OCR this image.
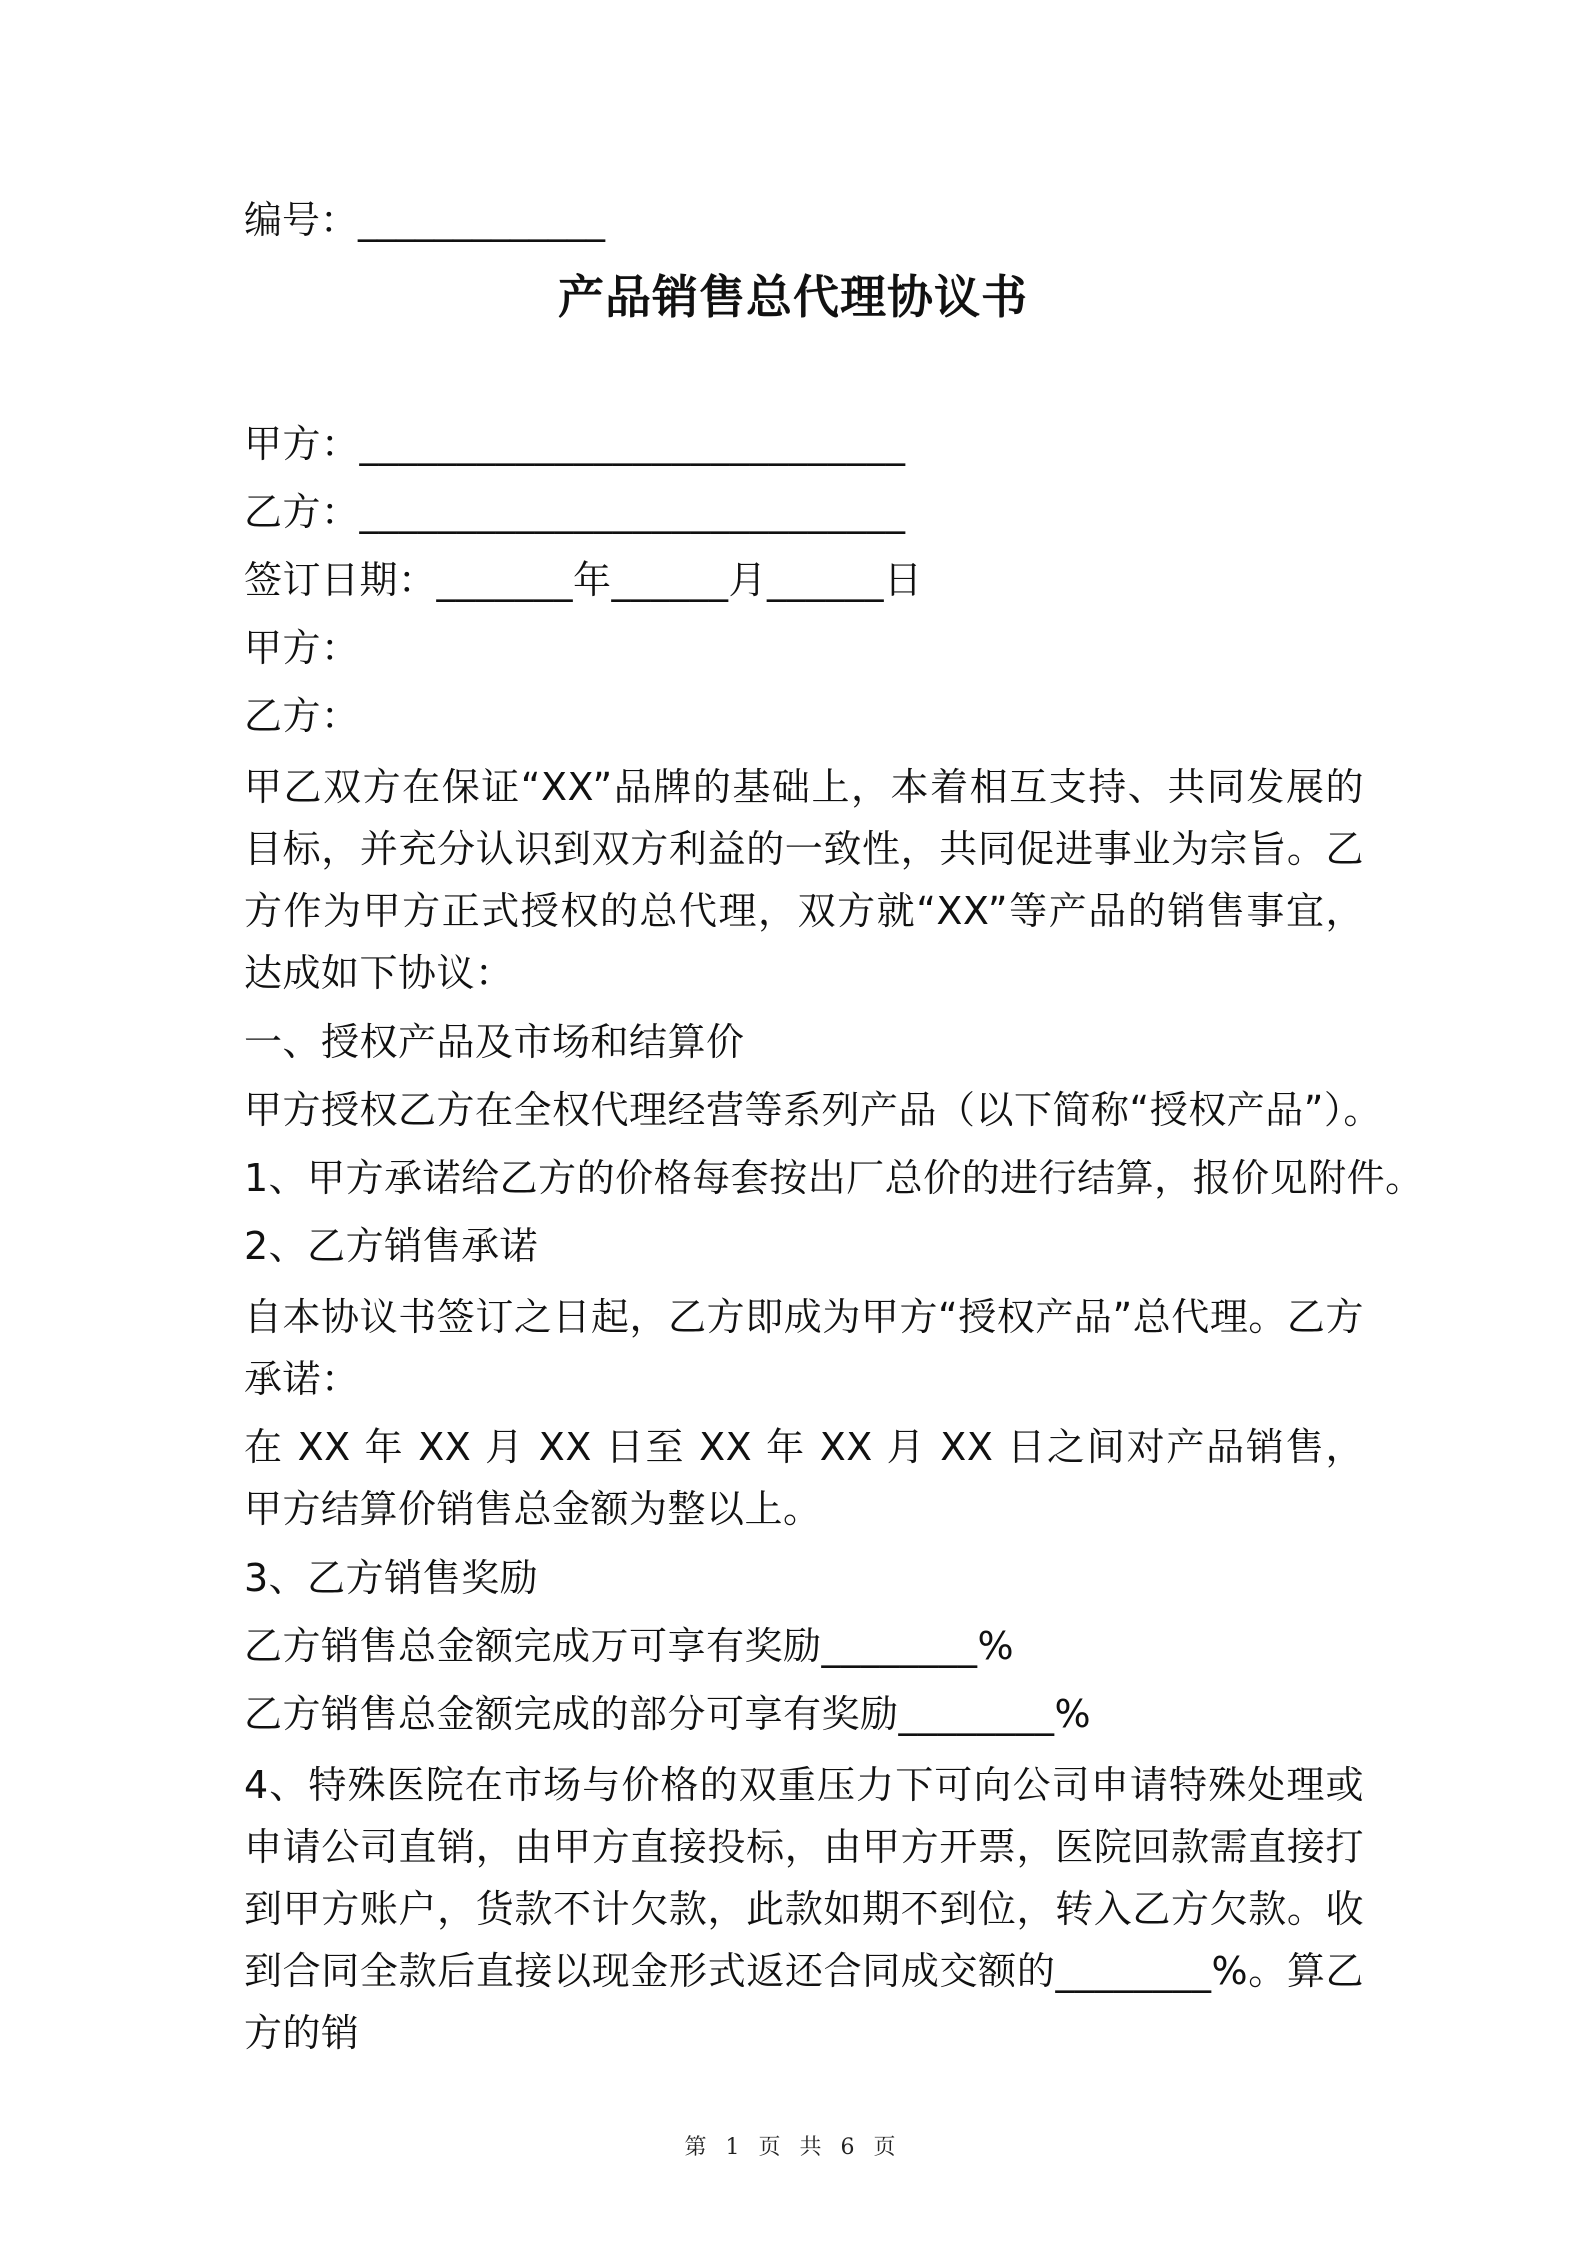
编号：_____________
产品销售总代理协议书
甲方：____________________________
乙方：____________________________
签订日期：_______年______月______日
甲方：
乙方：
甲乙双方在保证“XX”品牌的基础上，本着相互支持、共同发展的目标，并充分认识到双方利益的一致性，共同促进事业为宗旨。乙方作为甲方正式授权的总代理，双方就“XX”等产品的销售事宜，达成如下协议：
一、授权产品及市场和结算价
甲方授权乙方在全权代理经营等系列产品（以下简称“授权产品”）。
1、甲方承诺给乙方的价格每套按出厂总价的进行结算，报价见附件。
2、乙方销售承诺
自本协议书签订之日起，乙方即成为甲方“授权产品”总代理。乙方承诺：
在 XX 年 XX 月 XX 日至 XX 年 XX 月 XX 日之间对产品销售，甲方结算价销售总金额为整以上。
3、乙方销售奖励
乙方销售总金额完成万可享有奖励________%
乙方销售总金额完成的部分可享有奖励________%
4、特殊医院在市场与价格的双重压力下可向公司申请特殊处理或申请公司直销，由甲方直接投标，由甲方开票，医院回款需直接打到甲方账户，货款不计欠款，此款如期不到位，转入乙方欠款。收到合同全款后直接以现金形式返还合同成交额的________%。算乙方的销
第 1 页 共 6 页
